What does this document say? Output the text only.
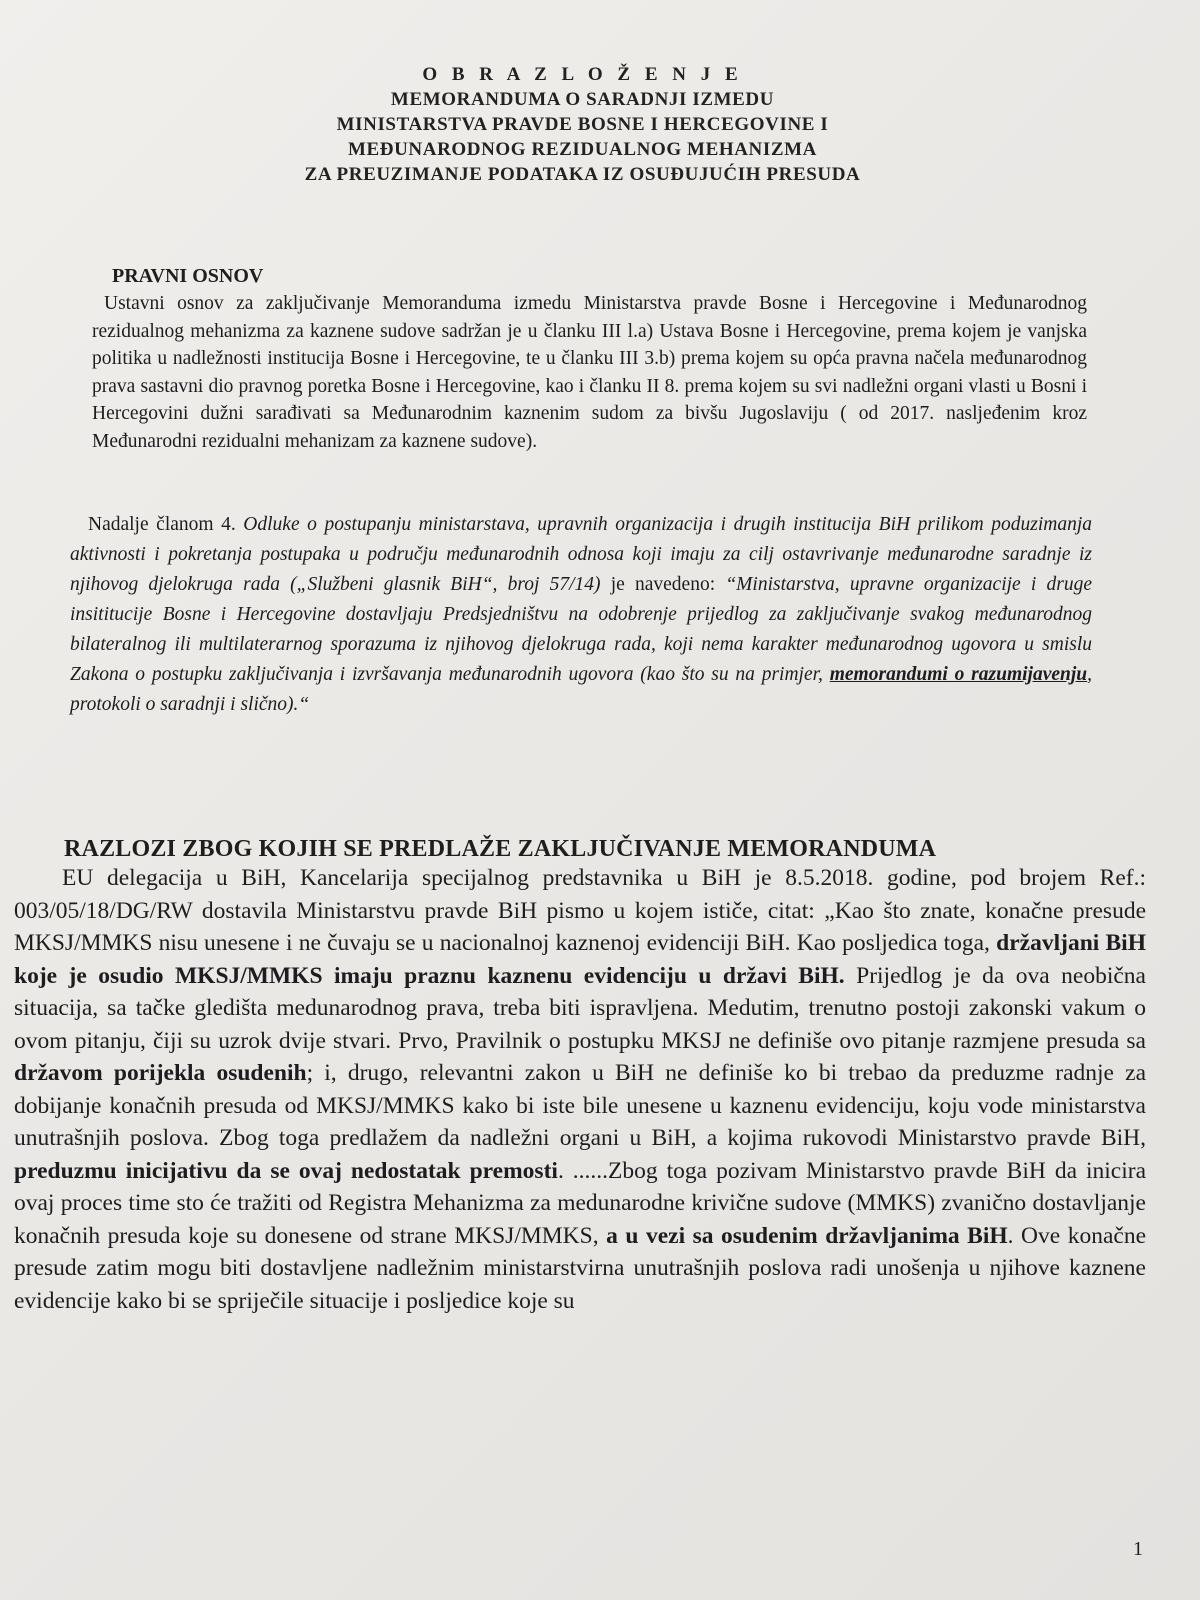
O B R A Z L O Ž E N J E
MEMORANDUMA O SARADNJI IZMEDU
MINISTARSTVA PRAVDE BOSNE I HERCEGOVINE I
MEĐUNARODNOG REZIDUALNOG MEHANIZMA
ZA PREUZIMANJE PODATAKA IZ OSUĐUJUĆIH PRESUDA
PRAVNI OSNOV
Ustavni osnov za zaključivanje Memoranduma izmedu Ministarstva pravde Bosne i Hercegovine i Međunarodnog rezidualnog mehanizma za kaznene sudove sadržan je u članku III l.a) Ustava Bosne i Hercegovine, prema kojem je vanjska politika u nadležnosti institucija Bosne i Hercegovine, te u članku III 3.b) prema kojem su opća pravna načela međunarodnog prava sastavni dio pravnog poretka Bosne i Hercegovine, kao i članku II 8. prema kojem su svi nadležni organi vlasti u Bosni i Hercegovini dužni sarađivati sa Međunarodnim kaznenim sudom za bivšu Jugoslaviju ( od 2017. naslјeđenim kroz Međunarodni rezidualni mehanizam za kaznene sudove).
Nadalje članom 4. Odluke o postupanju ministarstava, upravnih organizacija i drugih institucija BiH prilikom poduzimanja aktivnosti i pokretanja postupaka u području međunarodnih odnosa koji imaju za cilj ostavrivanje međunarodne saradnje iz njihovog djelokruga rada („Službeni glasnik BiH“, broj 57/14) je navedeno: “Ministarstva, upravne organizacije i druge insititucije Bosne i Hercegovine dostavljaju Predsjedništvu na odobrenje prijedlog za zaključivanje svakog međunarodnog bilateralnog ili multilaterarnog sporazuma iz njihovog djelokruga rada, koji nema karakter međunarodnog ugovora u smislu Zakona o postupku zaključivanja i izvršavanja međunarodnih ugovora (kao što su na primjer, memorandumi o razumijavenju, protokoli o saradnji i slično).“
RAZLOZI ZBOG KOJIH SE PREDLAŽE ZAKLJUČIVANJE MEMORANDUMA
EU delegacija u BiH, Kancelarija specijalnog predstavnika u BiH je 8.5.2018. godine, pod brojem Ref.: 003/05/18/DG/RW dostavila Ministarstvu pravde BiH pismo u kojem ističe, citat: „Kao što znate, konačne presude MKSJ/MMKS nisu unesene i ne čuvaju se u nacionalnoj kaznenoj evidenciji BiH. Kao posljedica toga, državljani BiH koje je osudio MKSJ/MMKS imaju praznu kaznenu evidenciju u državi BiH. Prijedlog je da ova neobična situacija, sa tačke gledišta medunarodnog prava, treba biti ispravljena. Medutim, trenutno postoji zakonski vakum o ovom pitanju, čiji su uzrok dvije stvari. Prvo, Pravilnik o postupku MKSJ ne definiše ovo pitanje razmjene presuda sa državom porijekla osudenih; i, drugo, relevantni zakon u BiH ne definiše ko bi trebao da preduzme radnje za dobijanje konačnih presuda od MKSJ/MMKS kako bi iste bile unesene u kaznenu evidenciju, koju vode ministarstva unutrašnjih poslova. Zbog toga predlažem da nadležni organi u BiH, a kojima rukovodi Ministarstvo pravde BiH, preduzmu inicijativu da se ovaj nedostatak premosti. ......Zbog toga pozivam Ministarstvo pravde BiH da inicira ovaj proces time sto će tražiti od Registra Mehanizma za medunarodne krivične sudove (MMKS) zvanično dostavljanje konačnih presuda koje su donesene od strane MKSJ/MMKS, a u vezi sa osudenim državljanima BiH. Ove konačne presude zatim mogu biti dostavljene nadležnim ministarstvirna unutrašnjih poslova radi unošenja u njihove kaznene evidencije kako bi se spriječile situacije i posljedice koje su
1
